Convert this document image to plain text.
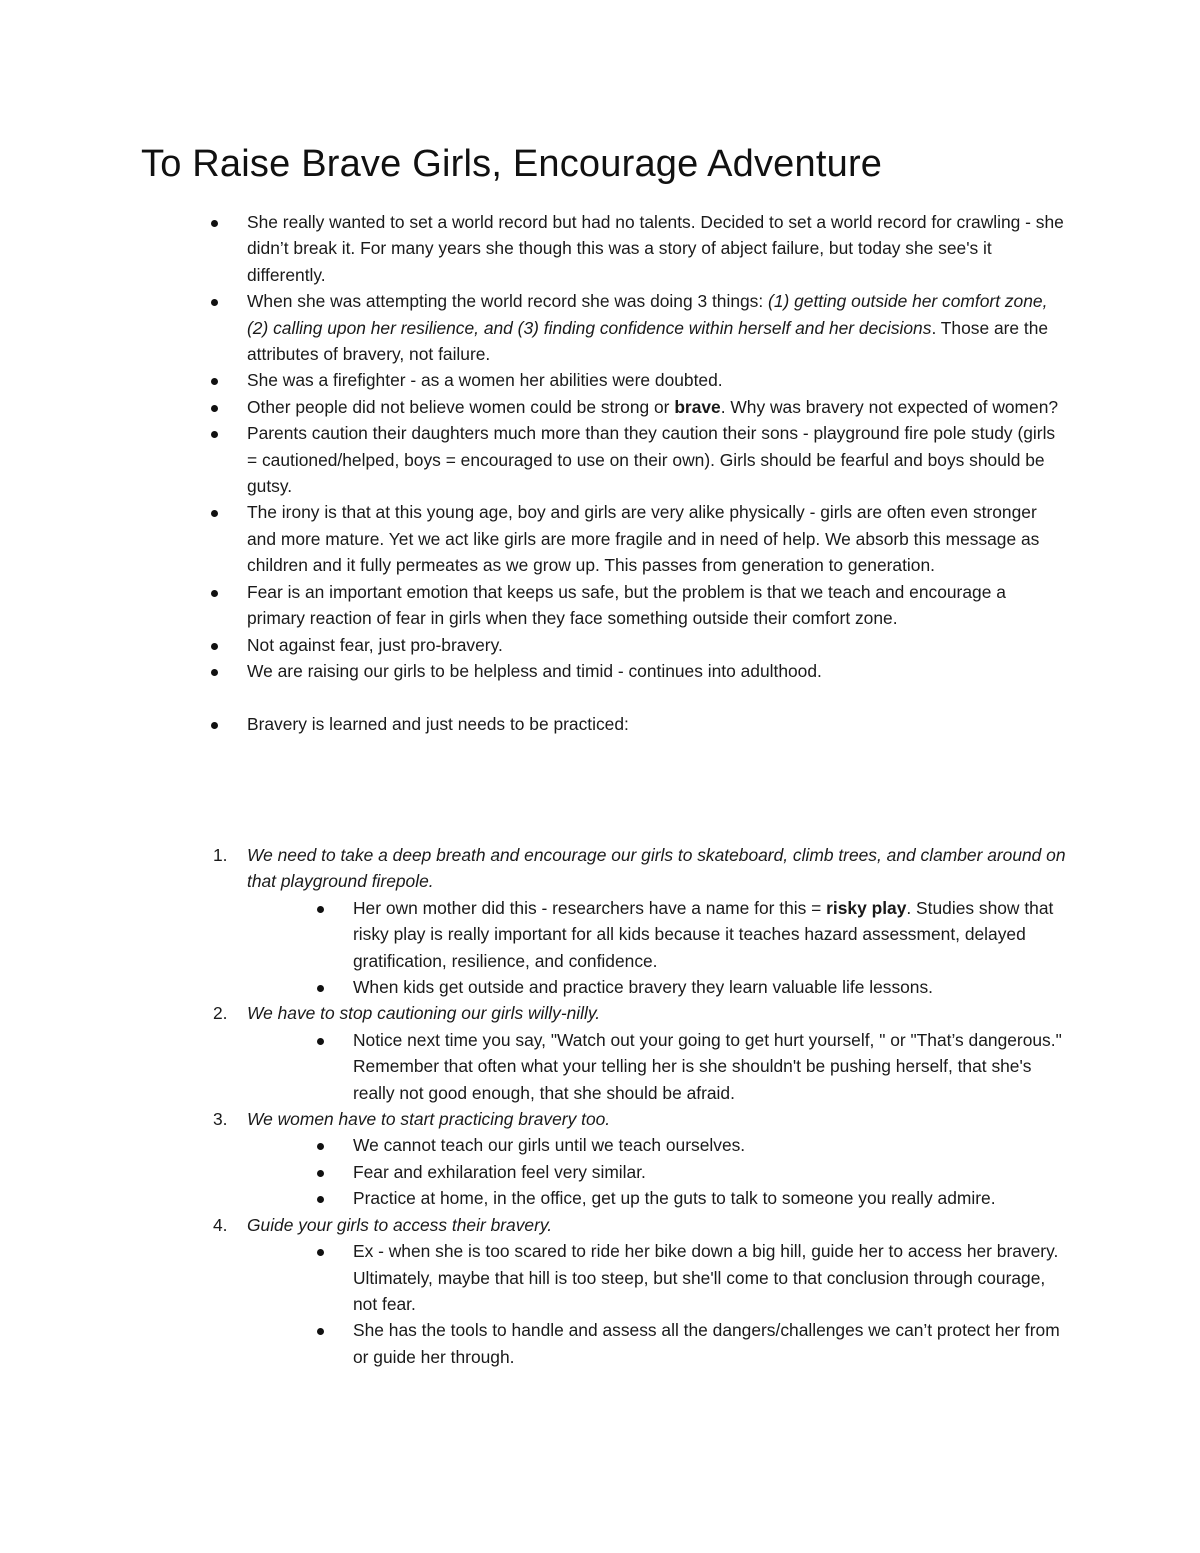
To Raise Brave Girls, Encourage Adventure
She really wanted to set a world record but had no talents. Decided to set a world record for crawling - she didn’t break it. For many years she though this was a story of abject failure, but today she see's it differently.
When she was attempting the world record she was doing 3 things: (1) getting outside her comfort zone, (2) calling upon her resilience, and (3) finding confidence within herself and her decisions. Those are the attributes of bravery, not failure.
She was a firefighter - as a women her abilities were doubted.
Other people did not believe women could be strong or brave. Why was bravery not expected of women?
Parents caution their daughters much more than they caution their sons - playground fire pole study (girls = cautioned/helped, boys = encouraged to use on their own). Girls should be fearful and boys should be gutsy.
The irony is that at this young age, boy and girls are very alike physically - girls are often even stronger and more mature. Yet we act like girls are more fragile and in need of help. We absorb this message as children and it fully permeates as we grow up. This passes from generation to generation.
Fear is an important emotion that keeps us safe, but the problem is that we teach and encourage a primary reaction of fear in girls when they face something outside their comfort zone.
Not against fear, just pro-bravery.
We are raising our girls to be helpless and timid - continues into adulthood.
Bravery is learned and just needs to be practiced:
1. We need to take a deep breath and encourage our girls to skateboard, climb trees, and clamber around on that playground firepole.
Her own mother did this - researchers have a name for this = risky play. Studies show that risky play is really important for all kids because it teaches hazard assessment, delayed gratification, resilience, and confidence.
When kids get outside and practice bravery they learn valuable life lessons.
2. We have to stop cautioning our girls willy-nilly.
Notice next time you say, "Watch out your going to get hurt yourself, " or "That’s dangerous." Remember that often what your telling her is she shouldn't be pushing herself, that she's really not good enough, that she should be afraid.
3. We women have to start practicing bravery too.
We cannot teach our girls until we teach ourselves.
Fear and exhilaration feel very similar.
Practice at home, in the office, get up the guts to talk to someone you really admire.
4. Guide your girls to access their bravery.
Ex - when she is too scared to ride her bike down a big hill, guide her to access her bravery. Ultimately, maybe that hill is too steep, but she'll come to that conclusion through courage, not fear.
She has the tools to handle and assess all the dangers/challenges we can’t protect her from or guide her through.
